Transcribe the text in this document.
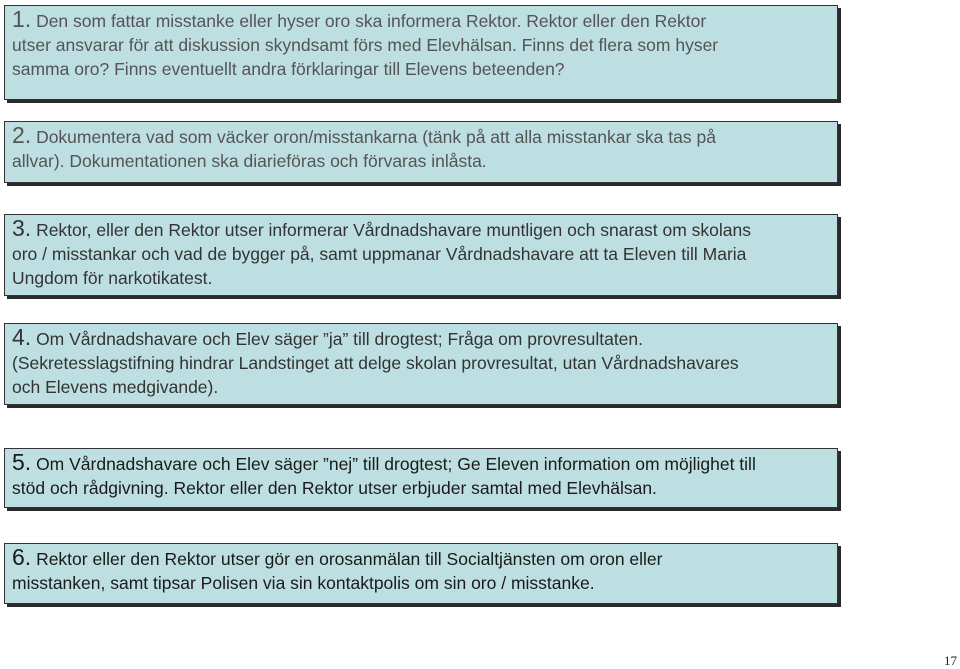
1. Den som fattar misstanke eller hyser oro ska informera Rektor. Rektor eller den Rektor

utser ansvarar för att diskussion skyndsamt förs med Elevhälsan. Finns det flera som hyser

samma oro? Finns eventuellt andra förklaringar till Elevens beteenden?

2. Dokumentera vad som väcker oron/misstankarna (tänk på att alla misstankar ska tas på

allvar). Dokumentationen ska diarieföras och förvaras inlåsta.

3. Rektor, eller den Rektor utser informerar Vårdnadshavare muntligen och snarast om skolans

oro / misstankar och vad de bygger på, samt uppmanar Vårdnadshavare att ta Eleven till Maria

Ungdom för narkotikatest.

4. Om Vårdnadshavare och Elev säger ”ja” till drogtest; Fråga om provresultaten.

(Sekretesslagstifning hindrar Landstinget att delge skolan provresultat, utan Vårdnadshavares

och Elevens medgivande).

5. Om Vårdnadshavare och Elev säger ”nej” till drogtest; Ge Eleven information om möjlighet till

stöd och rådgivning. Rektor eller den Rektor utser erbjuder samtal med Elevhälsan.

6. Rektor eller den Rektor utser gör en orosanmälan till Socialtjänsten om oron eller

misstanken, samt tipsar Polisen via sin kontaktpolis om sin oro / misstanke.

17
